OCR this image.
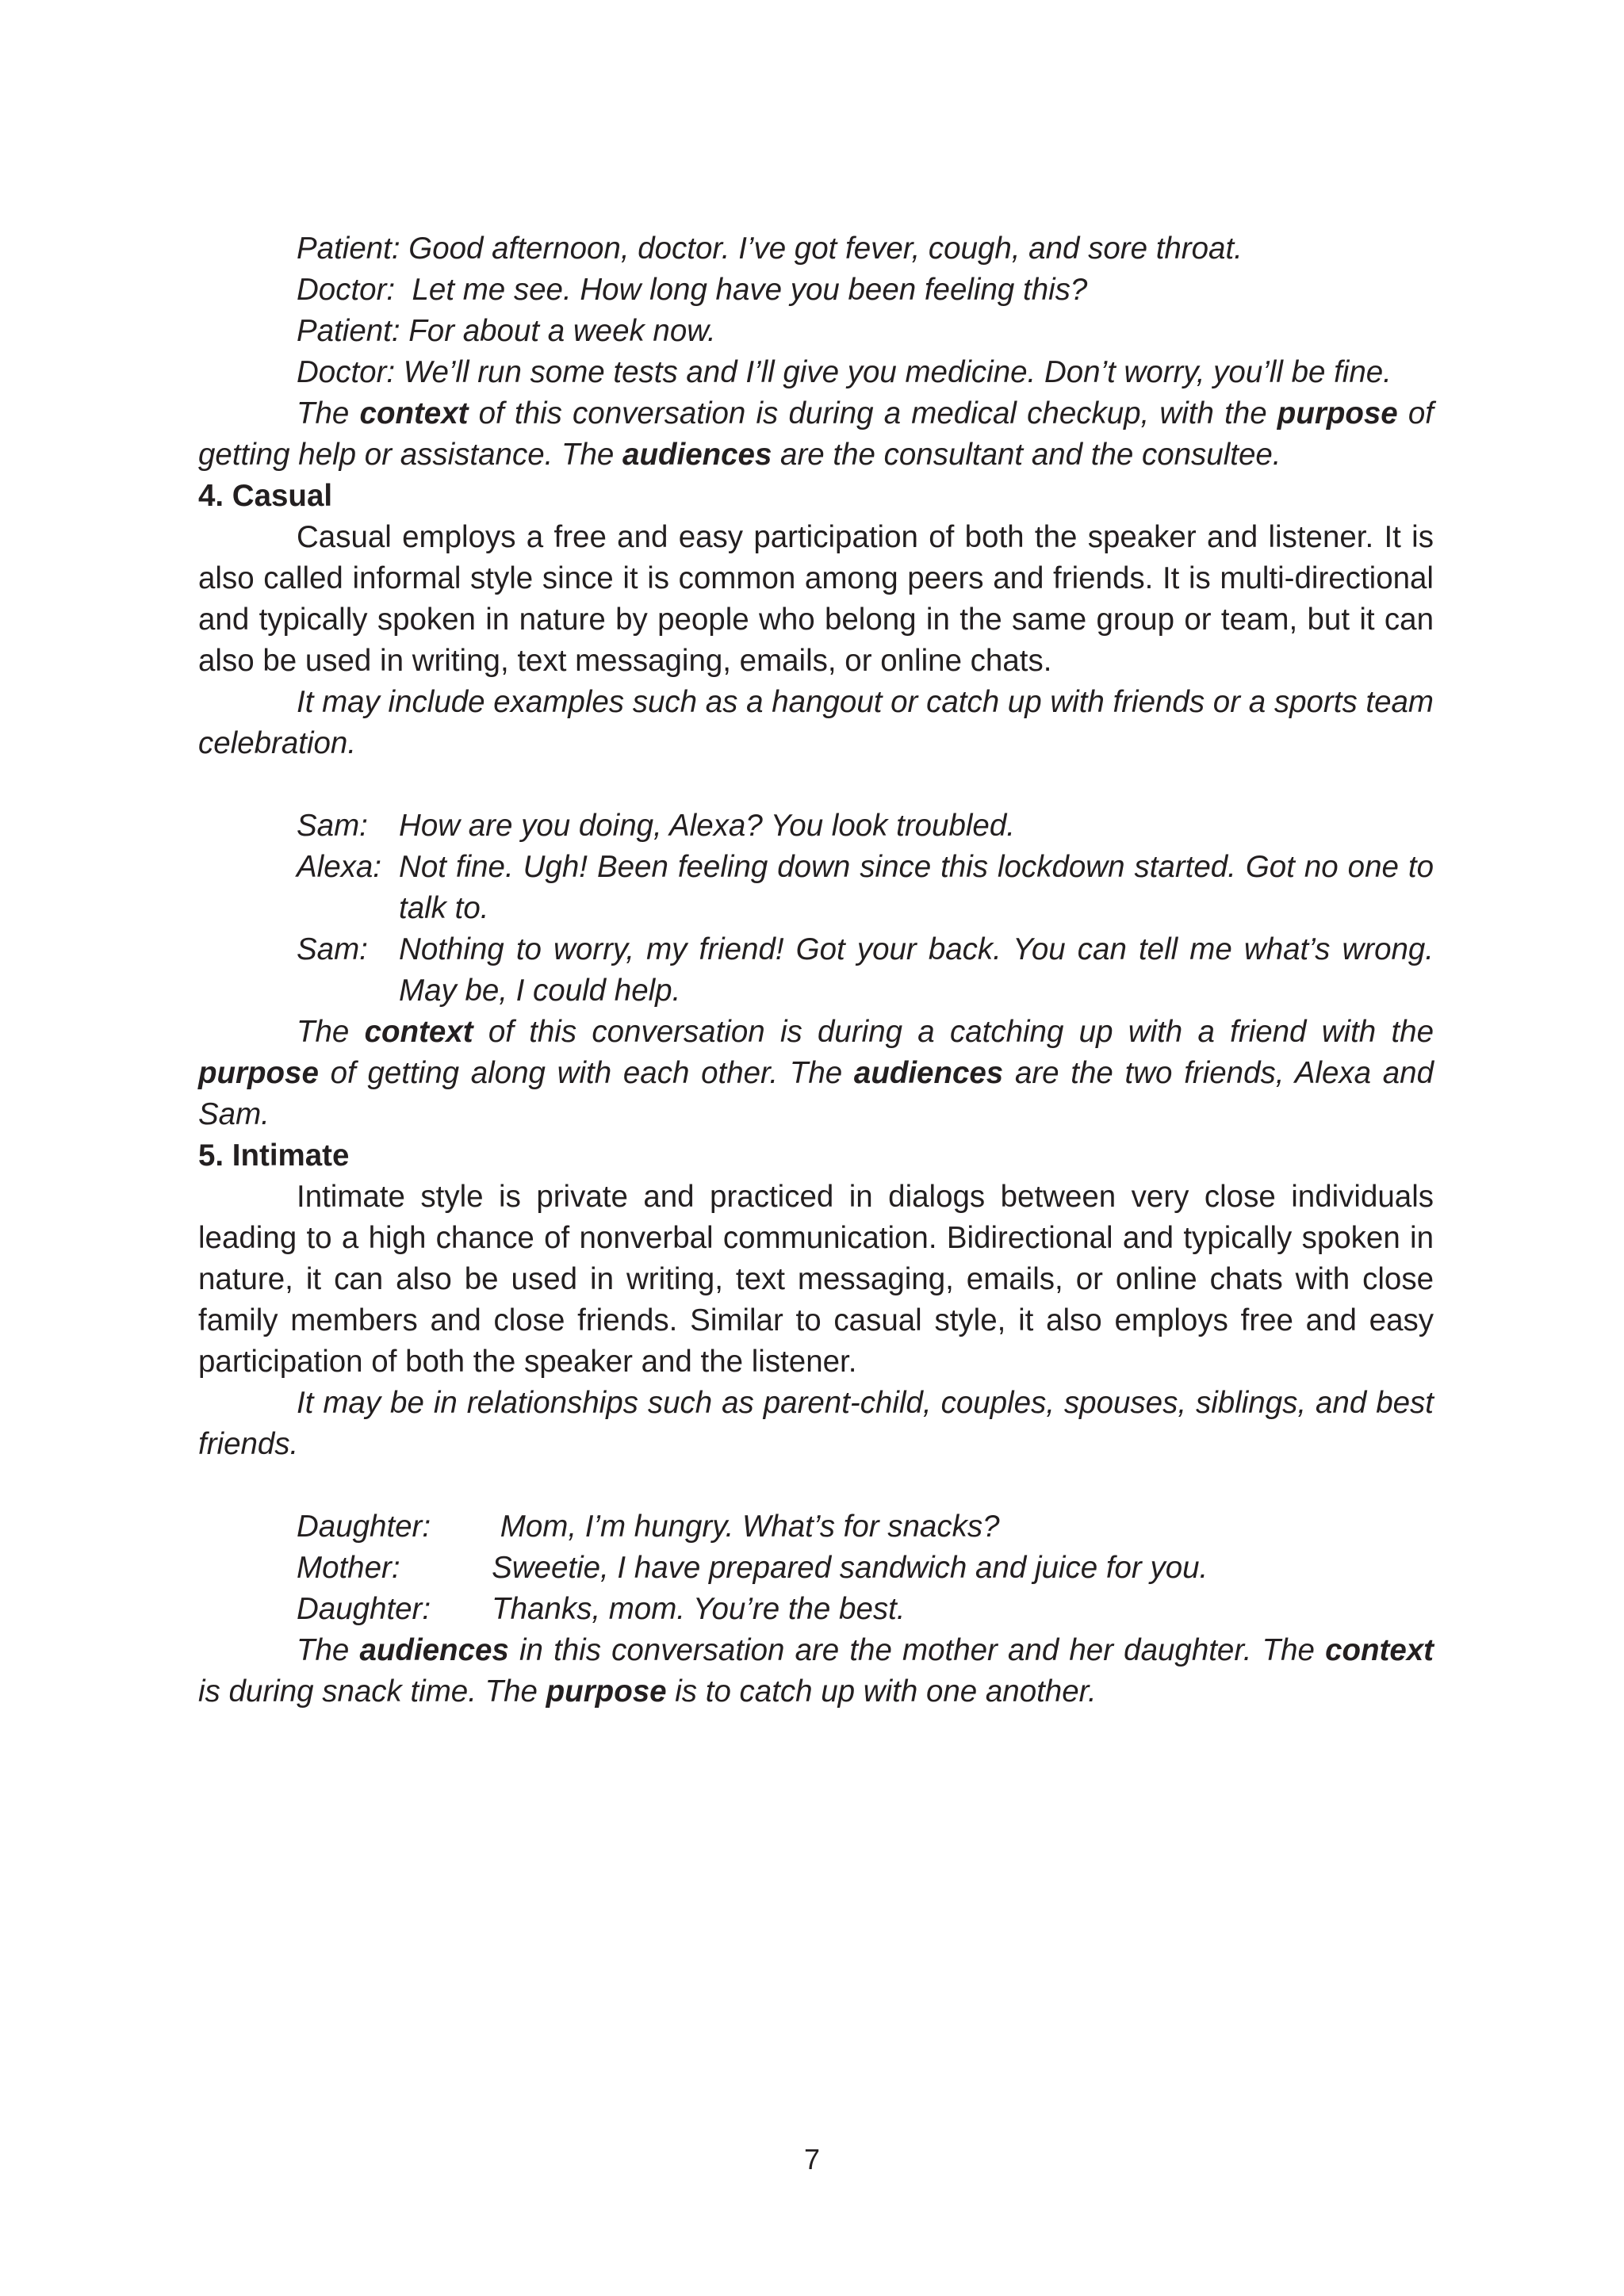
Patient: Good afternoon, doctor. I’ve got fever, cough, and sore throat.

Doctor:  Let me see. How long have you been feeling this?

Patient: For about a week now.

Doctor: We’ll run some tests and I’ll give you medicine. Don’t worry, you’ll be fine.

The context of this conversation is during a medical checkup, with the purpose of getting help or assistance. The audiences are the consultant and the consultee.

4. Casual

Casual employs a free and easy participation of both the speaker and listener. It is also called informal style since it is common among peers and friends. It is multi-directional and typically spoken in nature by people who belong in the same group or team, but it can also be used in writing, text messaging, emails, or online chats.

It may include examples such as a hangout or catch up with friends or a sports team celebration.

Sam:	How are you doing, Alexa? You look troubled.
Alexa:	Not fine. Ugh! Been feeling down since this lockdown started. Got no one to talk to.
Sam:	Nothing to worry, my friend! Got your back. You can tell me what’s wrong. May be, I could help.

The context of this conversation is during a catching up with a friend with the purpose of getting along with each other. The audiences are the two friends, Alexa and Sam.

5. Intimate

Intimate style is private and practiced in dialogs between very close individuals leading to a high chance of nonverbal communication. Bidirectional and typically spoken in nature, it can also be used in writing, text messaging, emails, or online chats with close family members and close friends. Similar to casual style, it also employs free and easy participation of both the speaker and the listener.

It may be in relationships such as parent-child, couples, spouses, siblings, and best friends.

Daughter:	Mom, I’m hungry. What’s for snacks?
Mother:	Sweetie, I have prepared sandwich and juice for you.
Daughter:	Thanks, mom. You’re the best.

The audiences in this conversation are the mother and her daughter. The context is during snack time. The purpose is to catch up with one another.

7
